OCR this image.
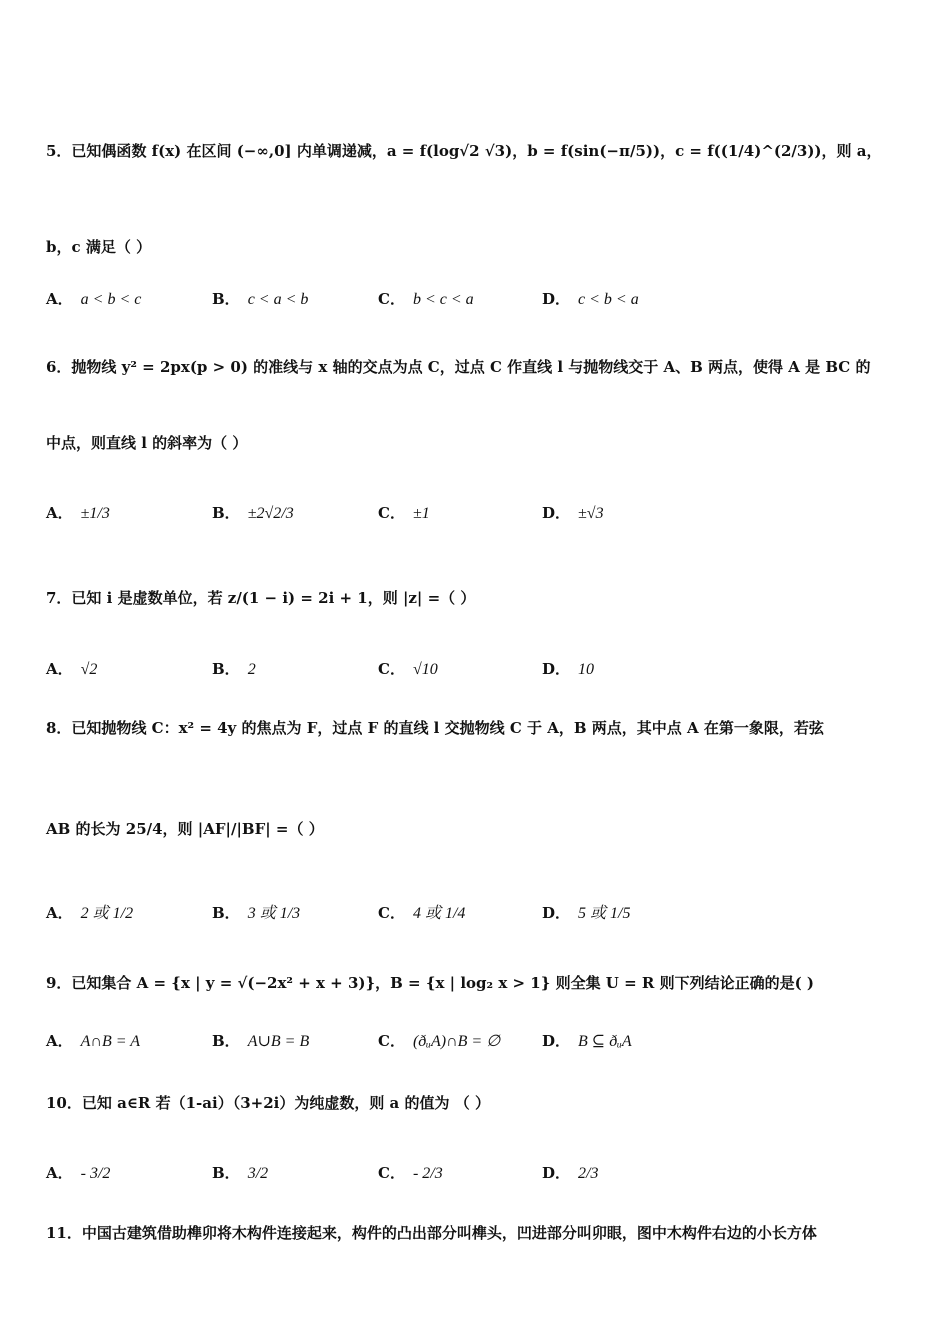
5．已知偶函数 f(x) 在区间 (−∞,0] 内单调递减，a = f(log√2 √3)，b = f(sin(−π/5))，c = f((1/4)^(2/3))，则 a，
b，c 满足（ ）
A． a < b < c	B． c < a < b	C． b < c < a	D． c < b < a
6．抛物线 y² = 2px(p > 0) 的准线与 x 轴的交点为点 C，过点 C 作直线 l 与抛物线交于 A、B 两点，使得 A 是 BC 的
中点，则直线 l 的斜率为（ ）
A． ±1/3	B． ±2√2/3	C． ±1	D． ±√3
7．已知 i 是虚数单位，若 z/(1 − i) = 2i + 1，则 |z| =（ ）
A． √2	B． 2	C． √10	D． 10
8．已知抛物线 C：x² = 4y 的焦点为 F，过点 F 的直线 l 交抛物线 C 于 A，B 两点，其中点 A 在第一象限，若弦
AB 的长为 25/4，则 |AF|/|BF| =（ ）
A． 2 或 1/2	B． 3 或 1/3	C． 4 或 1/4	D． 5 或 1/5
9．已知集合 A = {x | y = √(−2x² + x + 3)}，B = {x | log₂ x > 1} 则全集 U = R 则下列结论正确的是( )
A． A∩B = A	B． A∪B = B	C． (ðᵤA)∩B = ∅	D． B ⊆ ðᵤA
10．已知 a∈R 若（1-ai）（3+2i）为纯虚数，则 a 的值为 （ ）
A． - 3/2	B． 3/2	C． - 2/3	D． 2/3
11．中国古建筑借助榫卯将木构件连接起来，构件的凸出部分叫榫头，凹进部分叫卯眼，图中木构件右边的小长方体
